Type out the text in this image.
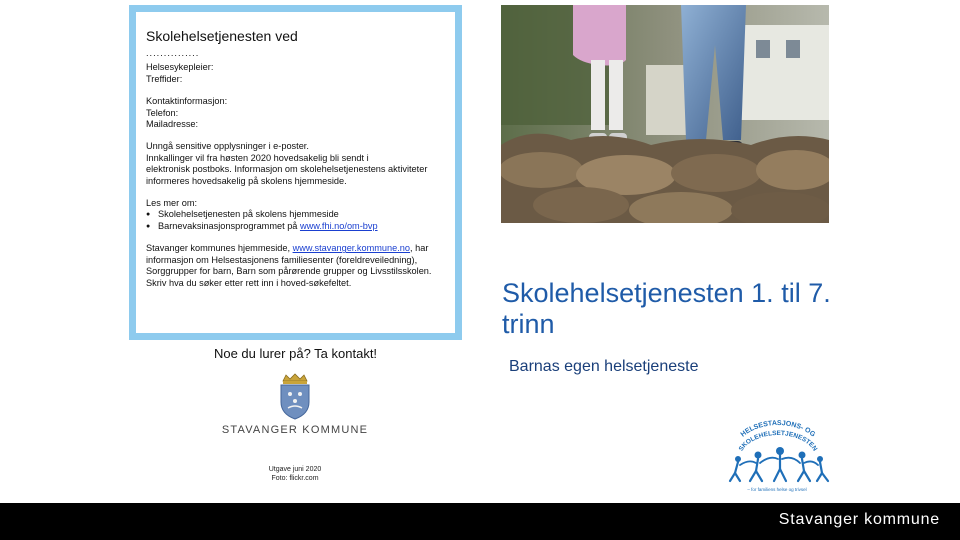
Skolehelsetjenesten ved
...............
Helsesykepleier:
Treffider:
Kontaktinformasjon:
Telefon:
Mailadresse:
Unngå sensitive opplysninger i e-poster.
Innkallinger vil fra høsten 2020 hovedsakelig bli sendt i
elektronisk postboks. Informasjon om skolehelsetjenestens aktiviteter
informeres hovedsakelig på skolens hjemmeside.
Les mer om:
● Skolehelsetjenesten på skolens hjemmeside
● Barnevaksinasjonsprogrammet på www.fhi.no/om-bvp
Stavanger kommunes hjemmeside, www.stavanger.kommune.no, har
informasjon om Helsestasjonens familiesenter (foreldreveiledning),
Sorggrupper for barn, Barn som pårørende grupper og Livsstilsskolen.
Skriv hva du søker etter rett inn i hoved-søkefeltet.
Noe du lurer på? Ta kontakt!
STAVANGER KOMMUNE
Utgave juni 2020
Foto: flickr.com
Skolehelsetjenesten 1. til 7. trinn
Barnas egen helsetjeneste
HELSESTASJONS- OG
SKOLEHELSETJENESTEN
– for familiens helse og trivsel
Stavanger kommune
